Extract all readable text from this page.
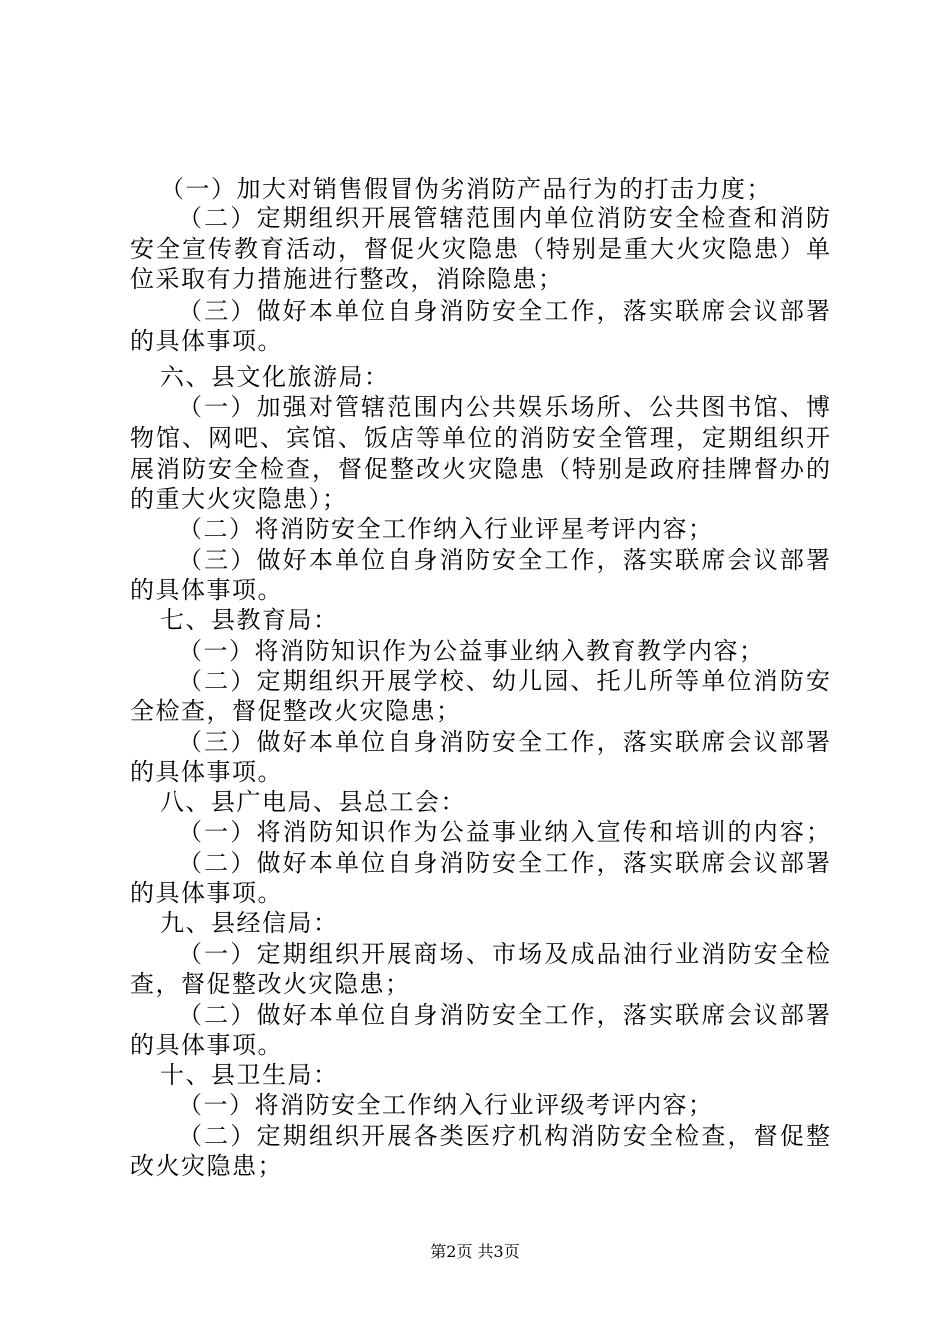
（一）加大对销售假冒伪劣消防产品行为的打击力度；
（二）定期组织开展管辖范围内单位消防安全检查和消防
安全宣传教育活动，督促火灾隐患（特别是重大火灾隐患）单
位采取有力措施进行整改，消除隐患；
（三）做好本单位自身消防安全工作，落实联席会议部署
的具体事项。
六、县文化旅游局：
（一）加强对管辖范围内公共娱乐场所、公共图书馆、博
物馆、网吧、宾馆、饭店等单位的消防安全管理，定期组织开
展消防安全检查，督促整改火灾隐患（特别是政府挂牌督办的
的重大火灾隐患）；
（二）将消防安全工作纳入行业评星考评内容；
（三）做好本单位自身消防安全工作，落实联席会议部署
的具体事项。
七、县教育局：
（一）将消防知识作为公益事业纳入教育教学内容；
（二）定期组织开展学校、幼儿园、托儿所等单位消防安
全检查，督促整改火灾隐患；
（三）做好本单位自身消防安全工作，落实联席会议部署
的具体事项。
八、县广电局、县总工会：
（一）将消防知识作为公益事业纳入宣传和培训的内容；
（二）做好本单位自身消防安全工作，落实联席会议部署
的具体事项。
九、县经信局：
（一）定期组织开展商场、市场及成品油行业消防安全检
查，督促整改火灾隐患；
（二）做好本单位自身消防安全工作，落实联席会议部署
的具体事项。
十、县卫生局：
（一）将消防安全工作纳入行业评级考评内容；
（二）定期组织开展各类医疗机构消防安全检查，督促整
改火灾隐患；
第2页 共3页
